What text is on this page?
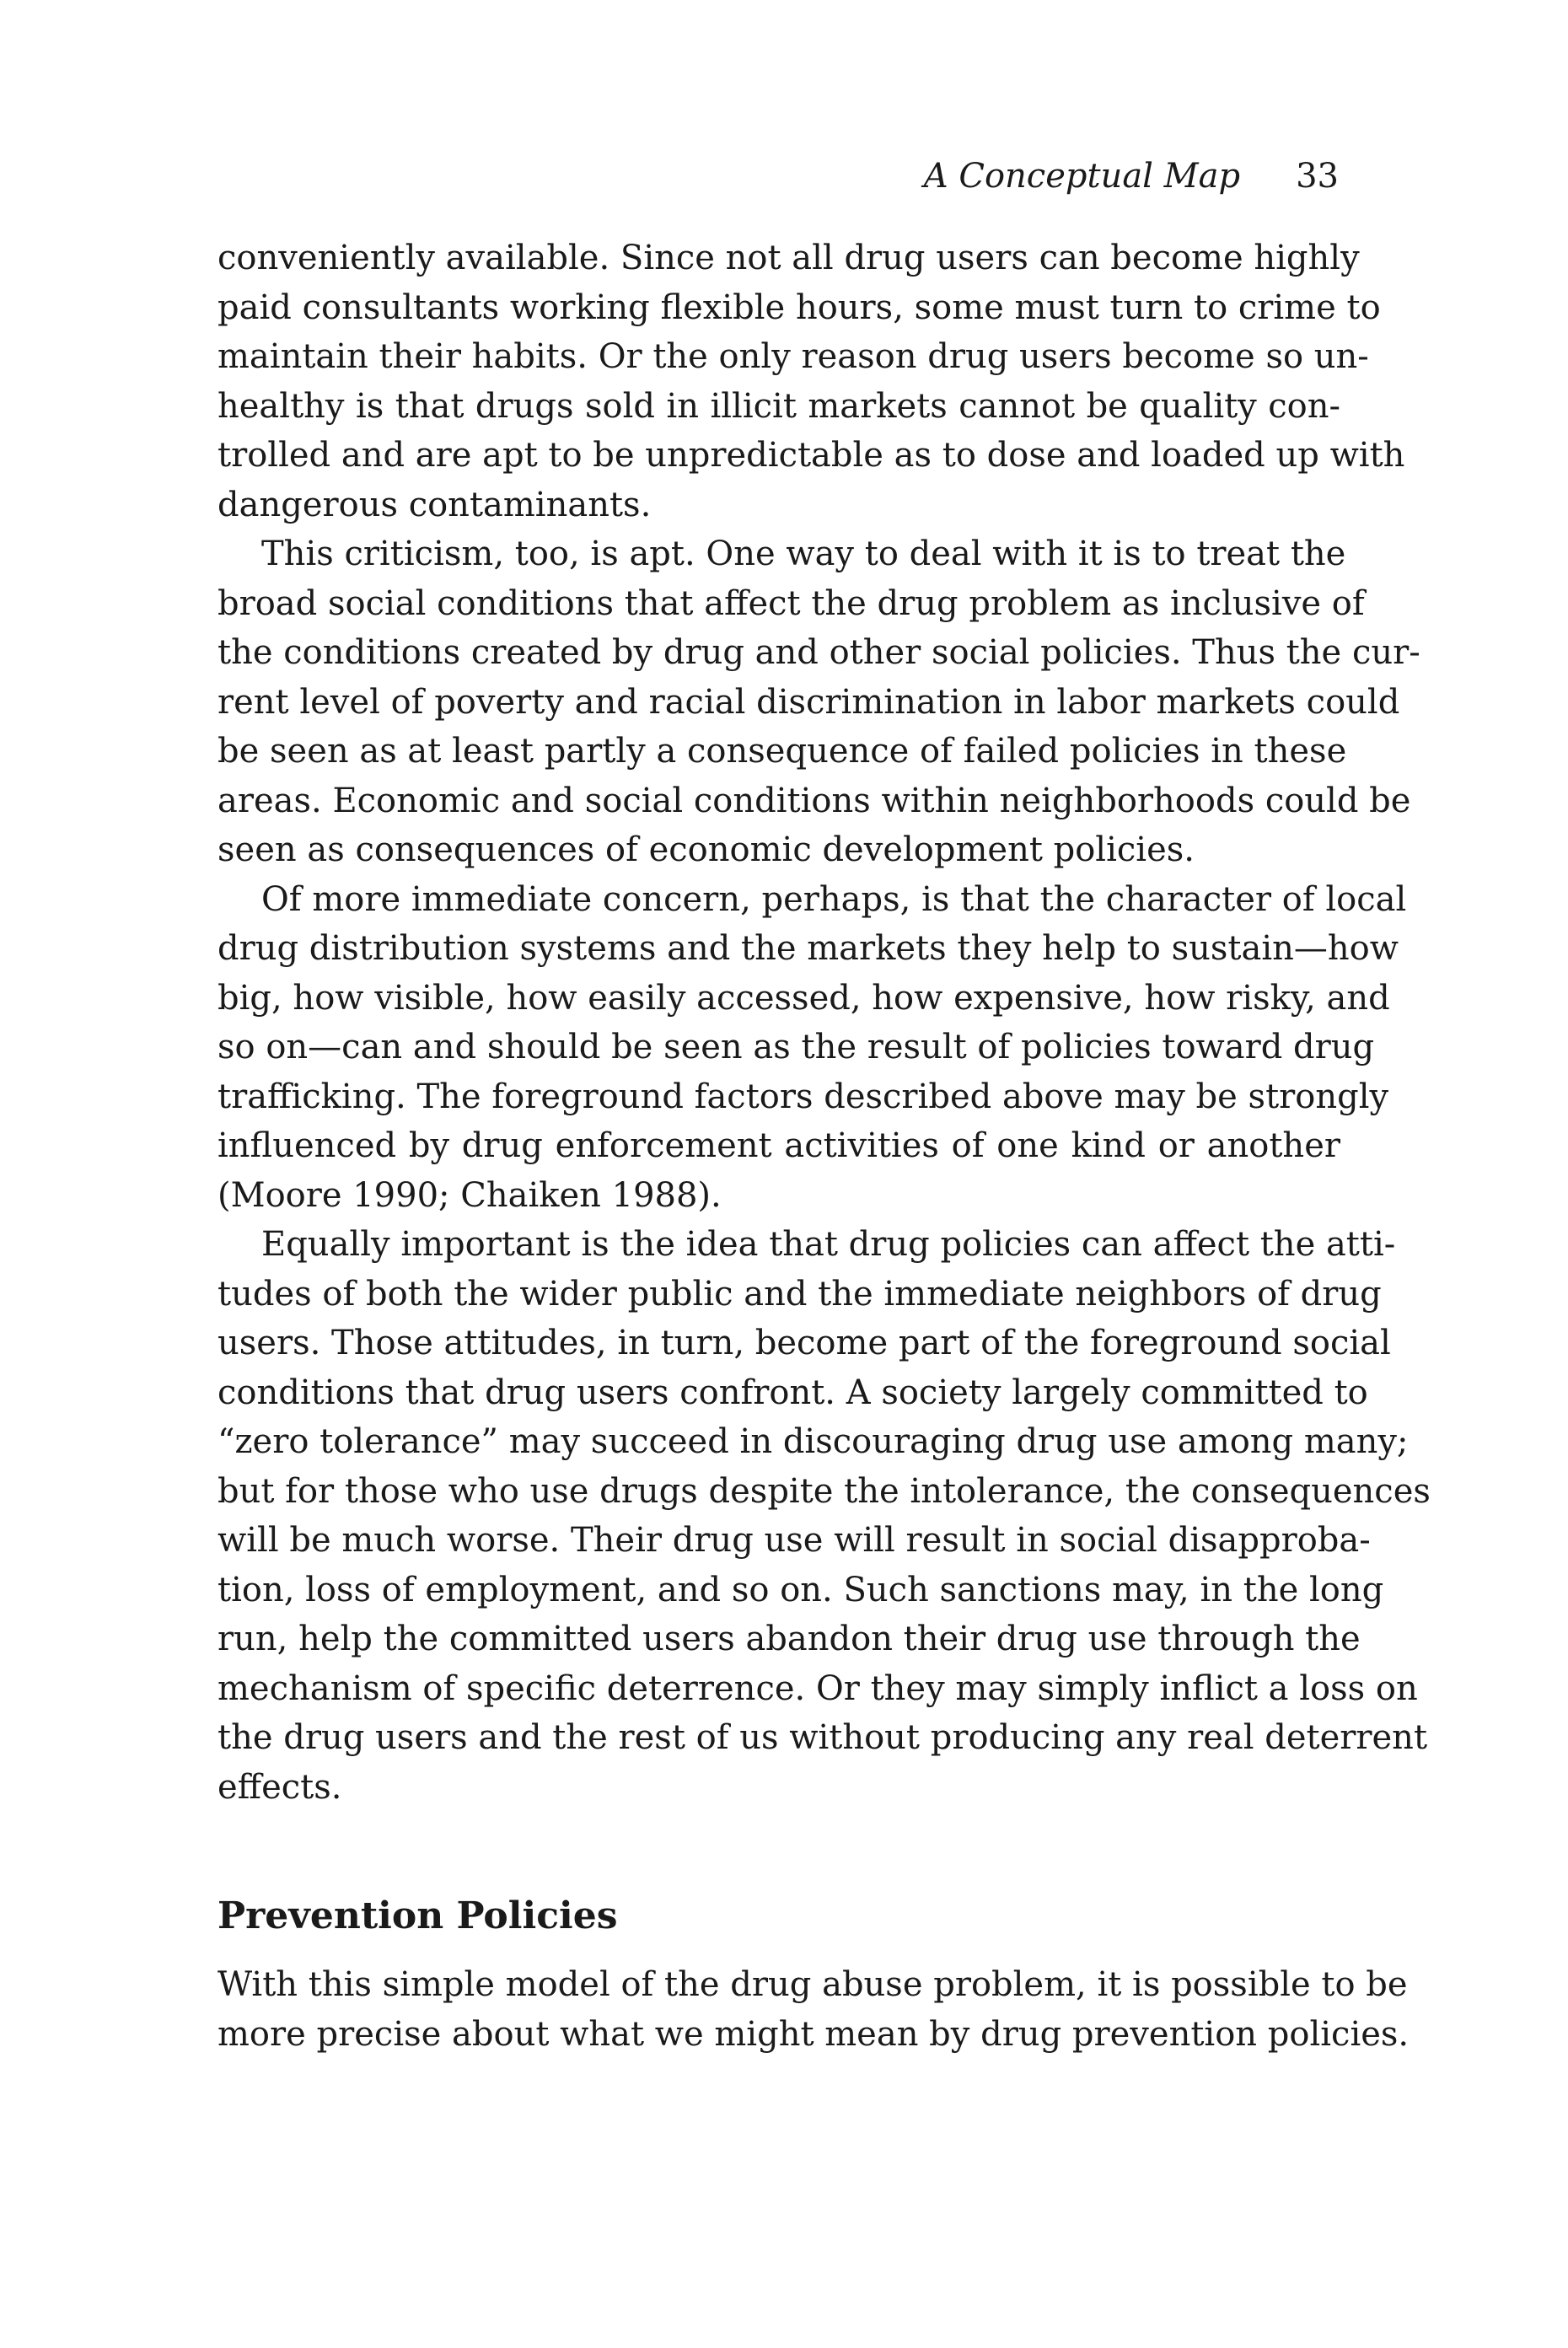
A Conceptual Map 33
conveniently available. Since not all drug users can become highly
paid consultants working flexible hours, some must turn to crime to
maintain their habits. Or the only reason drug users become so un-
healthy is that drugs sold in illicit markets cannot be quality con-
trolled and are apt to be unpredictable as to dose and loaded up with
dangerous contaminants.
This criticism, too, is apt. One way to deal with it is to treat the
broad social conditions that affect the drug problem as inclusive of
the conditions created by drug and other social policies. Thus the cur-
rent level of poverty and racial discrimination in labor markets could
be seen as at least partly a consequence of failed policies in these
areas. Economic and social conditions within neighborhoods could be
seen as consequences of economic development policies.
Of more immediate concern, perhaps, is that the character of local
drug distribution systems and the markets they help to sustain—how
big, how visible, how easily accessed, how expensive, how risky, and
so on—can and should be seen as the result of policies toward drug
trafficking. The foreground factors described above may be strongly
influenced by drug enforcement activities of one kind or another
(Moore 1990; Chaiken 1988).
Equally important is the idea that drug policies can affect the atti-
tudes of both the wider public and the immediate neighbors of drug
users. Those attitudes, in turn, become part of the foreground social
conditions that drug users confront. A society largely committed to
“zero tolerance” may succeed in discouraging drug use among many;
but for those who use drugs despite the intolerance, the consequences
will be much worse. Their drug use will result in social disapproba-
tion, loss of employment, and so on. Such sanctions may, in the long
run, help the committed users abandon their drug use through the
mechanism of specific deterrence. Or they may simply inflict a loss on
the drug users and the rest of us without producing any real deterrent
effects.
Prevention Policies
With this simple model of the drug abuse problem, it is possible to be
more precise about what we might mean by drug prevention policies.
